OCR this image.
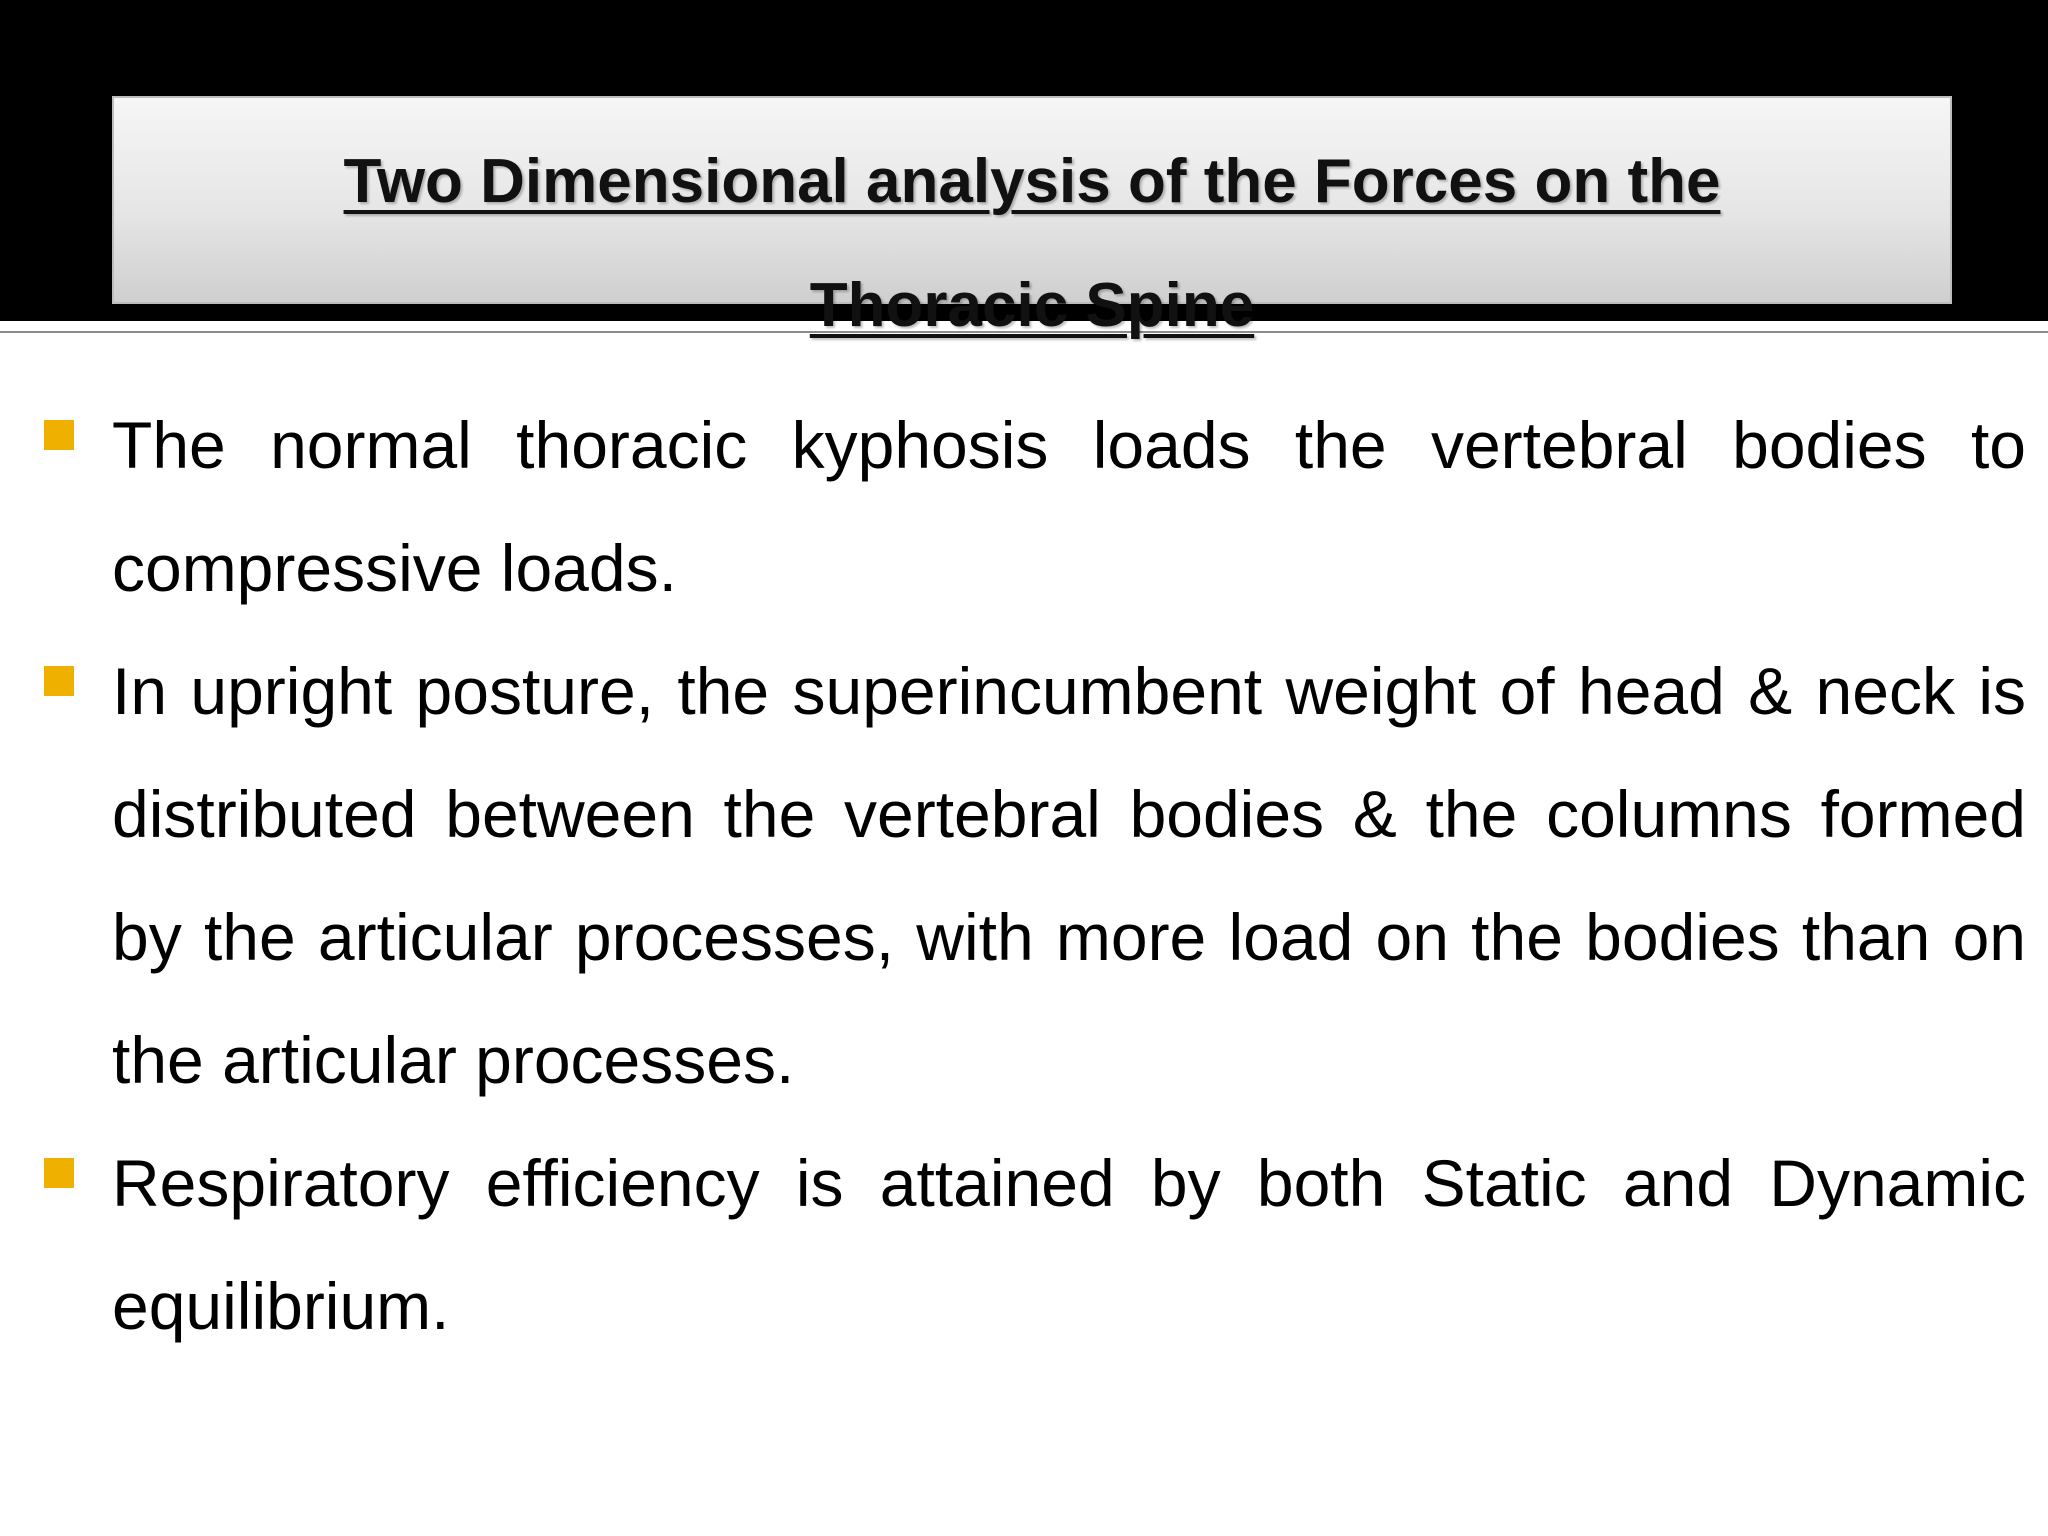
Two Dimensional analysis of the Forces on the
Thoracic Spine
The normal thoracic kyphosis loads the vertebral bodies to compressive loads.
In upright posture, the superincumbent weight of head & neck is distributed between the vertebral bodies & the columns formed by the articular processes, with more load on the bodies than on the articular processes.
Respiratory efficiency is attained by both Static and Dynamic equilibrium.
